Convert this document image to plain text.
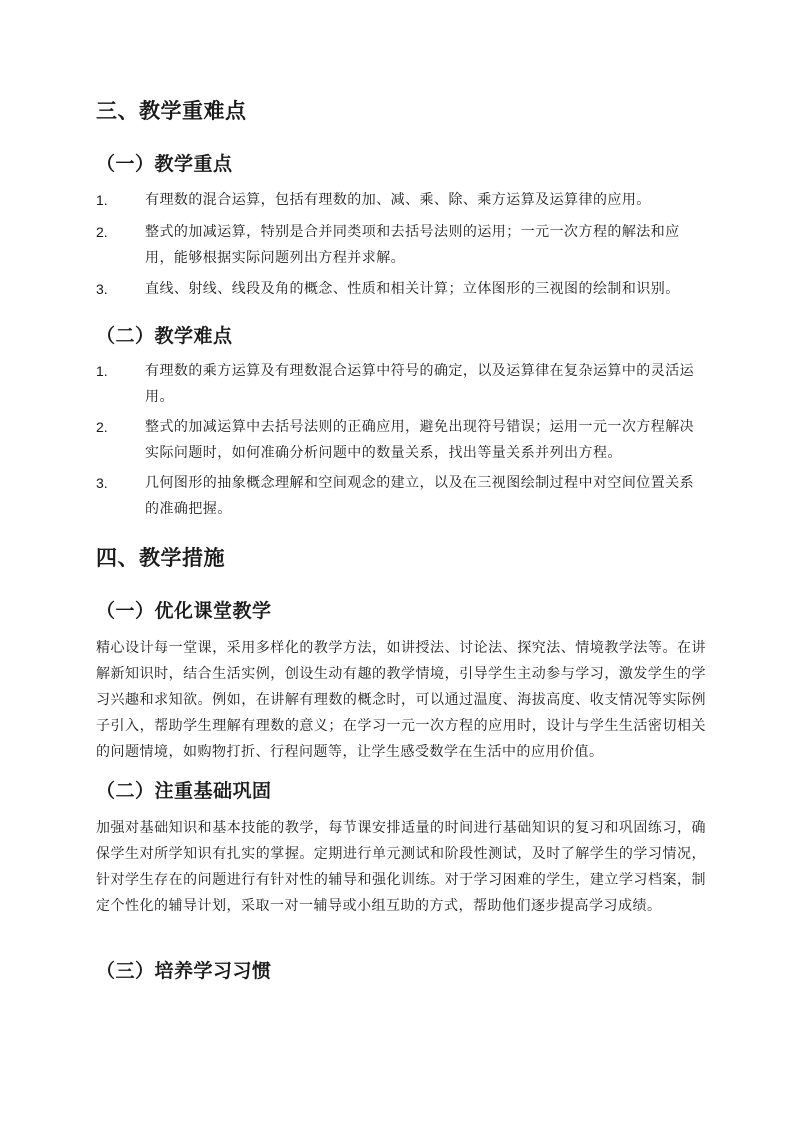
三、教学重难点
（一）教学重点
1.	有理数的混合运算，包括有理数的加、减、乘、除、乘方运算及运算律的应用。
2.	整式的加减运算，特别是合并同类项和去括号法则的运用；一元一次方程的解法和应用，能够根据实际问题列出方程并求解。
3.	直线、射线、线段及角的概念、性质和相关计算；立体图形的三视图的绘制和识别。
（二）教学难点
1.	有理数的乘方运算及有理数混合运算中符号的确定，以及运算律在复杂运算中的灵活运用。
2.	整式的加减运算中去括号法则的正确应用，避免出现符号错误；运用一元一次方程解决实际问题时，如何准确分析问题中的数量关系，找出等量关系并列出方程。
3.	几何图形的抽象概念理解和空间观念的建立，以及在三视图绘制过程中对空间位置关系的准确把握。
四、教学措施
（一）优化课堂教学
精心设计每一堂课，采用多样化的教学方法，如讲授法、讨论法、探究法、情境教学法等。在讲解新知识时，结合生活实例，创设生动有趣的教学情境，引导学生主动参与学习，激发学生的学习兴趣和求知欲。例如，在讲解有理数的概念时，可以通过温度、海拔高度、收支情况等实际例子引入，帮助学生理解有理数的意义；在学习一元一次方程的应用时，设计与学生生活密切相关的问题情境，如购物打折、行程问题等，让学生感受数学在生活中的应用价值。
（二）注重基础巩固
加强对基础知识和基本技能的教学，每节课安排适量的时间进行基础知识的复习和巩固练习，确保学生对所学知识有扎实的掌握。定期进行单元测试和阶段性测试，及时了解学生的学习情况，针对学生存在的问题进行有针对性的辅导和强化训练。对于学习困难的学生，建立学习档案，制定个性化的辅导计划，采取一对一辅导或小组互助的方式，帮助他们逐步提高学习成绩。
（三）培养学习习惯
